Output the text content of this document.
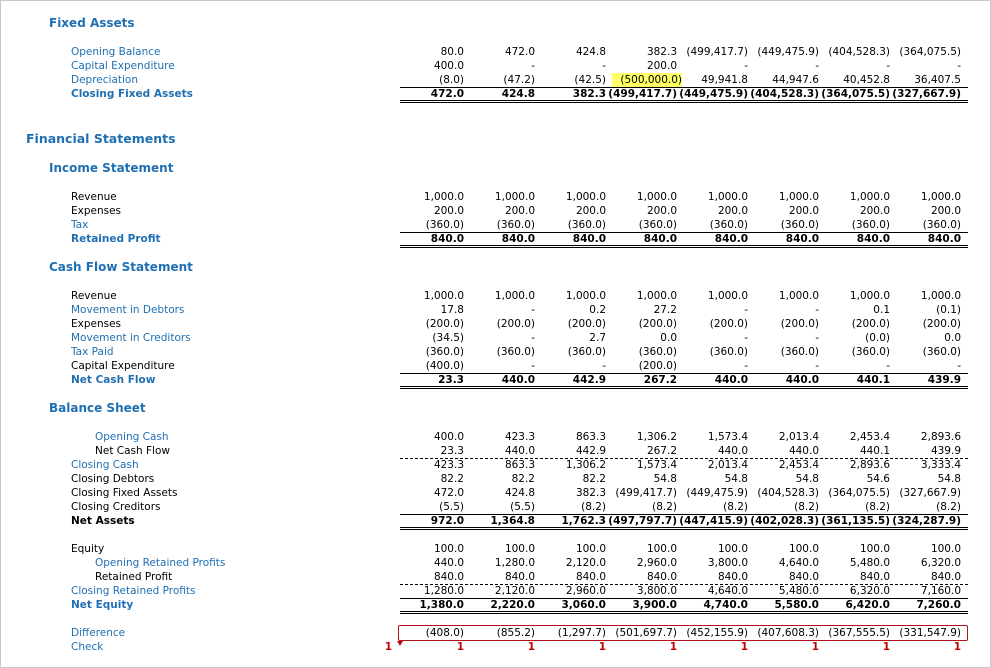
Fixed Assets
Opening Balance	80.0	472.0	424.8	382.3 (499,417.7) (449,475.9) (404,528.3) (364,075.5)
Capital Expenditure	400.0	-	-	200.0	-	-	-	-
Depreciation	(8.0)	(47.2)	(42.5)	(500,000.0)	49,941.8	44,947.6	40,452.8	36,407.5
Closing Fixed Assets	472.0	424.8	382.3 (499,417.7) (449,475.9) (404,528.3) (364,075.5) (327,667.9)
Financial Statements
Income Statement
Revenue	1,000.0	1,000.0	1,000.0	1,000.0	1,000.0	1,000.0	1,000.0	1,000.0
Expenses	200.0	200.0	200.0	200.0	200.0	200.0	200.0	200.0
Tax	(360.0)	(360.0)	(360.0)	(360.0)	(360.0)	(360.0)	(360.0)	(360.0)
Retained Profit	840.0	840.0	840.0	840.0	840.0	840.0	840.0	840.0
Cash Flow Statement
Revenue	1,000.0	1,000.0	1,000.0	1,000.0	1,000.0	1,000.0	1,000.0	1,000.0
Movement in Debtors	17.8	-	0.2	27.2	-	-	0.1	(0.1)
Expenses	(200.0)	(200.0)	(200.0)	(200.0)	(200.0)	(200.0)	(200.0)	(200.0)
Movement in Creditors	(34.5)	-	2.7	0.0	-	-	(0.0)	0.0
Tax Paid	(360.0)	(360.0)	(360.0)	(360.0)	(360.0)	(360.0)	(360.0)	(360.0)
Capital Expenditure	(400.0)	-	-	(200.0)	-	-	-	-
Net Cash Flow	23.3	440.0	442.9	267.2	440.0	440.0	440.1	439.9
Balance Sheet
Opening Cash	400.0	423.3	863.3	1,306.2	1,573.4	2,013.4	2,453.4	2,893.6
Net Cash Flow	23.3	440.0	442.9	267.2	440.0	440.0	440.1	439.9
Closing Cash	423.3	863.3	1,306.2	1,573.4	2,013.4	2,453.4	2,893.6	3,333.4
Closing Debtors	82.2	82.2	82.2	54.8	54.8	54.8	54.6	54.8
Closing Fixed Assets	472.0	424.8	382.3 (499,417.7) (449,475.9) (404,528.3) (364,075.5) (327,667.9)
Closing Creditors	(5.5)	(5.5)	(8.2)	(8.2)	(8.2)	(8.2)	(8.2)	(8.2)
Net Assets	972.0	1,364.8	1,762.3 (497,797.7) (447,415.9) (402,028.3) (361,135.5) (324,287.9)
Equity	100.0	100.0	100.0	100.0	100.0	100.0	100.0	100.0
Opening Retained Profits	440.0	1,280.0	2,120.0	2,960.0	3,800.0	4,640.0	5,480.0	6,320.0
Retained Profit	840.0	840.0	840.0	840.0	840.0	840.0	840.0	840.0
Closing Retained Profits	1,280.0	2,120.0	2,960.0	3,800.0	4,640.0	5,480.0	6,320.0	7,160.0
Net Equity	1,380.0	2,220.0	3,060.0	3,900.0	4,740.0	5,580.0	6,420.0	7,260.0
Difference	(408.0)	(855.2)	(1,297.7) (501,697.7) (452,155.9) (407,608.3) (367,555.5) (331,547.9)
Check	1	1	1	1	1	1	1	1	1
